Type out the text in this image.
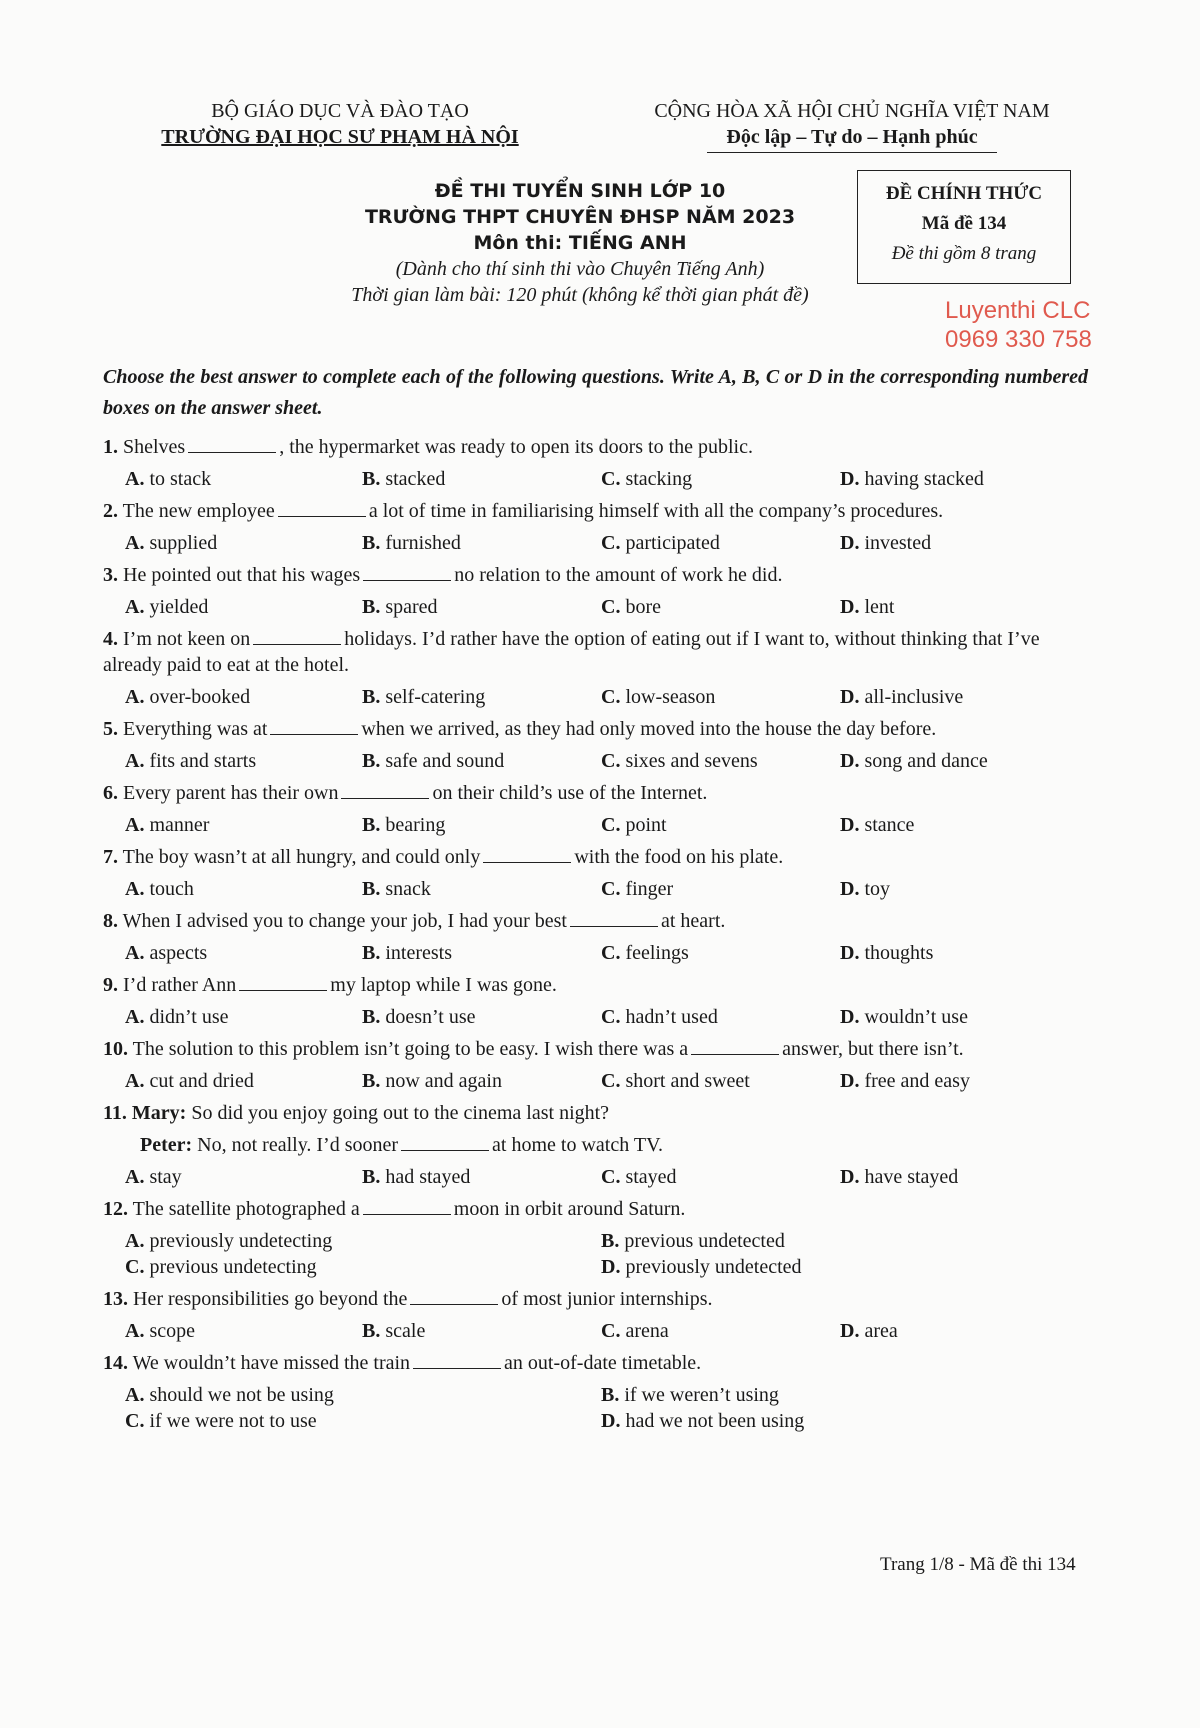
BỘ GIÁO DỤC VÀ ĐÀO TẠO
TRƯỜNG ĐẠI HỌC SƯ PHẠM HÀ NỘI
CỘNG HÒA XÃ HỘI CHỦ NGHĨA VIỆT NAM
Độc lập – Tự do – Hạnh phúc
ĐỀ THI TUYỂN SINH LỚP 10
TRƯỜNG THPT CHUYÊN ĐHSP NĂM 2023
Môn thi: TIẾNG ANH
(Dành cho thí sinh thi vào Chuyên Tiếng Anh)
Thời gian làm bài: 120 phút (không kể thời gian phát đề)
ĐỀ CHÍNH THỨC
Mã đề 134
Đề thi gồm 8 trang
Luyenthi CLC
0969 330 758
Choose the best answer to complete each of the following questions. Write A, B, C or D in the corresponding numbered boxes on the answer sheet.
1. Shelves	, the hypermarket was ready to open its doors to the public.
A. to stack	B. stacked	C. stacking	D. having stacked
2. The new employee	a lot of time in familiarising himself with all the company’s procedures.
A. supplied	B. furnished	C. participated	D. invested
3. He pointed out that his wages	no relation to the amount of work he did.
A. yielded	B. spared	C. bore	D. lent
4. I’m not keen on	holidays. I’d rather have the option of eating out if I want to, without thinking that I’ve already paid to eat at the hotel.
A. over-booked	B. self-catering	C. low-season	D. all-inclusive
5. Everything was at	when we arrived, as they had only moved into the house the day before.
A. fits and starts	B. safe and sound	C. sixes and sevens	D. song and dance
6. Every parent has their own	on their child’s use of the Internet.
A. manner	B. bearing	C. point	D. stance
7. The boy wasn’t at all hungry, and could only	with the food on his plate.
A. touch	B. snack	C. finger	D. toy
8. When I advised you to change your job, I had your best	at heart.
A. aspects	B. interests	C. feelings	D. thoughts
9. I’d rather Ann	my laptop while I was gone.
A. didn’t use	B. doesn’t use	C. hadn’t used	D. wouldn’t use
10. The solution to this problem isn’t going to be easy. I wish there was a	answer, but there isn’t.
A. cut and dried	B. now and again	C. short and sweet	D. free and easy
11. Mary: So did you enjoy going out to the cinema last night?
Peter: No, not really. I’d sooner	at home to watch TV.
A. stay	B. had stayed	C. stayed	D. have stayed
12. The satellite photographed a	moon in orbit around Saturn.
A. previously undetecting	B. previous undetected
C. previous undetecting	D. previously undetected
13. Her responsibilities go beyond the	of most junior internships.
A. scope	B. scale	C. arena	D. area
14. We wouldn’t have missed the train	an out-of-date timetable.
A. should we not be using	B. if we weren’t using
C. if we were not to use	D. had we not been using
Trang 1/8 - Mã đề thi 134
